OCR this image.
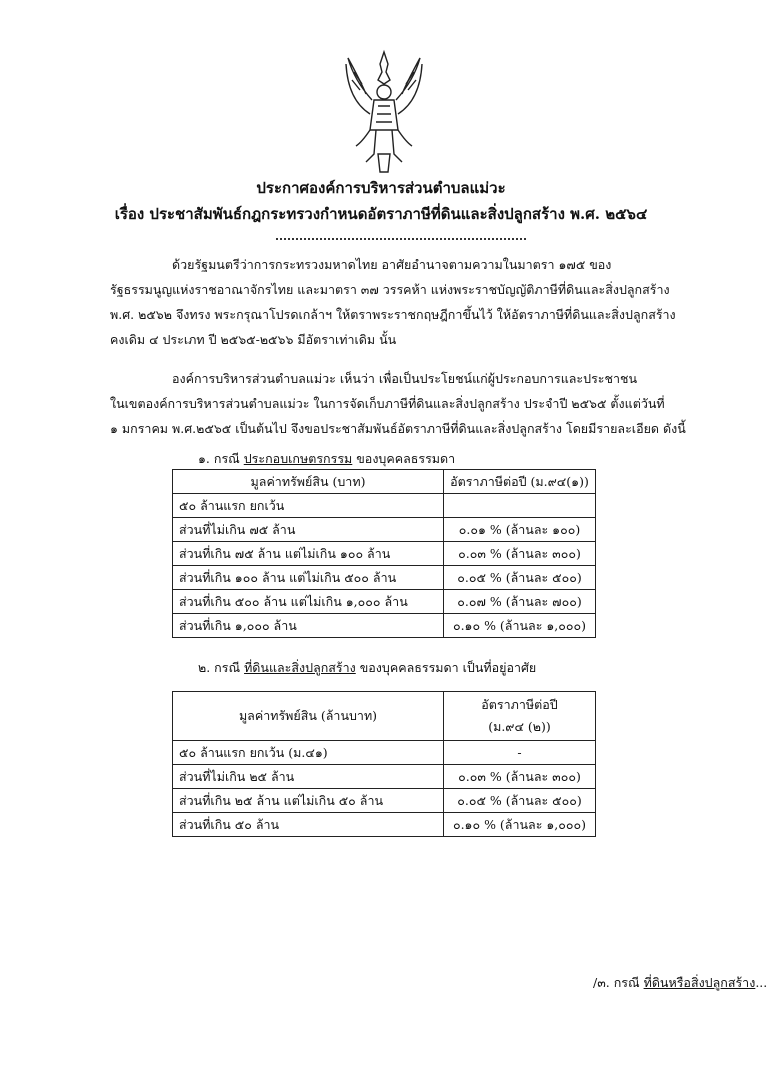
ประกาศองค์การบริหารส่วนตำบลแม่วะ
เรื่อง ประชาสัมพันธ์กฎกระทรวงกำหนดอัตราภาษีที่ดินและสิ่งปลูกสร้าง พ.ศ. ๒๕๖๔
ด้วยรัฐมนตรีว่าการกระทรวงมหาดไทย อาศัยอำนาจตามความในมาตรา ๑๗๕ ของ
รัฐธรรมนูญแห่งราชอาณาจักรไทย และมาตรา ๓๗ วรรคห้า แห่งพระราชบัญญัติภาษีที่ดินและสิ่งปลูกสร้าง
พ.ศ. ๒๕๖๒ จึงทรง พระกรุณาโปรดเกล้าฯ ให้ตราพระราชกฤษฎีกาขึ้นไว้ ให้อัตราภาษีที่ดินและสิ่งปลูกสร้าง
คงเดิม ๔ ประเภท ปี ๒๕๖๕-๒๕๖๖ มีอัตราเท่าเดิม นั้น
องค์การบริหารส่วนตำบลแม่วะ เห็นว่า เพื่อเป็นประโยชน์แก่ผู้ประกอบการและประชาชน
ในเขตองค์การบริหารส่วนตำบลแม่วะ ในการจัดเก็บภาษีที่ดินและสิ่งปลูกสร้าง ประจำปี ๒๕๖๕ ตั้งแต่วันที่
๑ มกราคม พ.ศ.๒๕๖๕ เป็นต้นไป จึงขอประชาสัมพันธ์อัตราภาษีที่ดินและสิ่งปลูกสร้าง โดยมีรายละเอียด ดังนี้
๑. กรณี ประกอบเกษตรกรรม ของบุคคลธรรมดา
มูลค่าทรัพย์สิน (บาท)	อัตราภาษีต่อปี (ม.๙๔(๑))
๕๐ ล้านแรก ยกเว้น	
ส่วนที่ไม่เกิน ๗๕ ล้าน	๐.๐๑ % (ล้านละ ๑๐๐)
ส่วนที่เกิน ๗๕ ล้าน แต่ไม่เกิน ๑๐๐ ล้าน	๐.๐๓ % (ล้านละ ๓๐๐)
ส่วนที่เกิน ๑๐๐ ล้าน แต่ไม่เกิน ๕๐๐ ล้าน	๐.๐๕ % (ล้านละ ๕๐๐)
ส่วนที่เกิน ๕๐๐ ล้าน แต่ไม่เกิน ๑,๐๐๐ ล้าน	๐.๐๗ % (ล้านละ ๗๐๐)
ส่วนที่เกิน ๑,๐๐๐ ล้าน	๐.๑๐ % (ล้านละ ๑,๐๐๐)
๒. กรณี ที่ดินและสิ่งปลูกสร้าง ของบุคคลธรรมดา เป็นที่อยู่อาศัย
มูลค่าทรัพย์สิน (ล้านบาท)	อัตราภาษีต่อปี
(ม.๙๔ (๒))

๕๐ ล้านแรก ยกเว้น (ม.๔๑)	-
ส่วนที่ไม่เกิน ๒๕ ล้าน	๐.๐๓ % (ล้านละ ๓๐๐)
ส่วนที่เกิน ๒๕ ล้าน แต่ไม่เกิน ๕๐ ล้าน	๐.๐๕ % (ล้านละ ๕๐๐)
ส่วนที่เกิน ๕๐ ล้าน	๐.๑๐ % (ล้านละ ๑,๐๐๐)
/๓. กรณี ที่ดินหรือสิ่งปลูกสร้าง...
